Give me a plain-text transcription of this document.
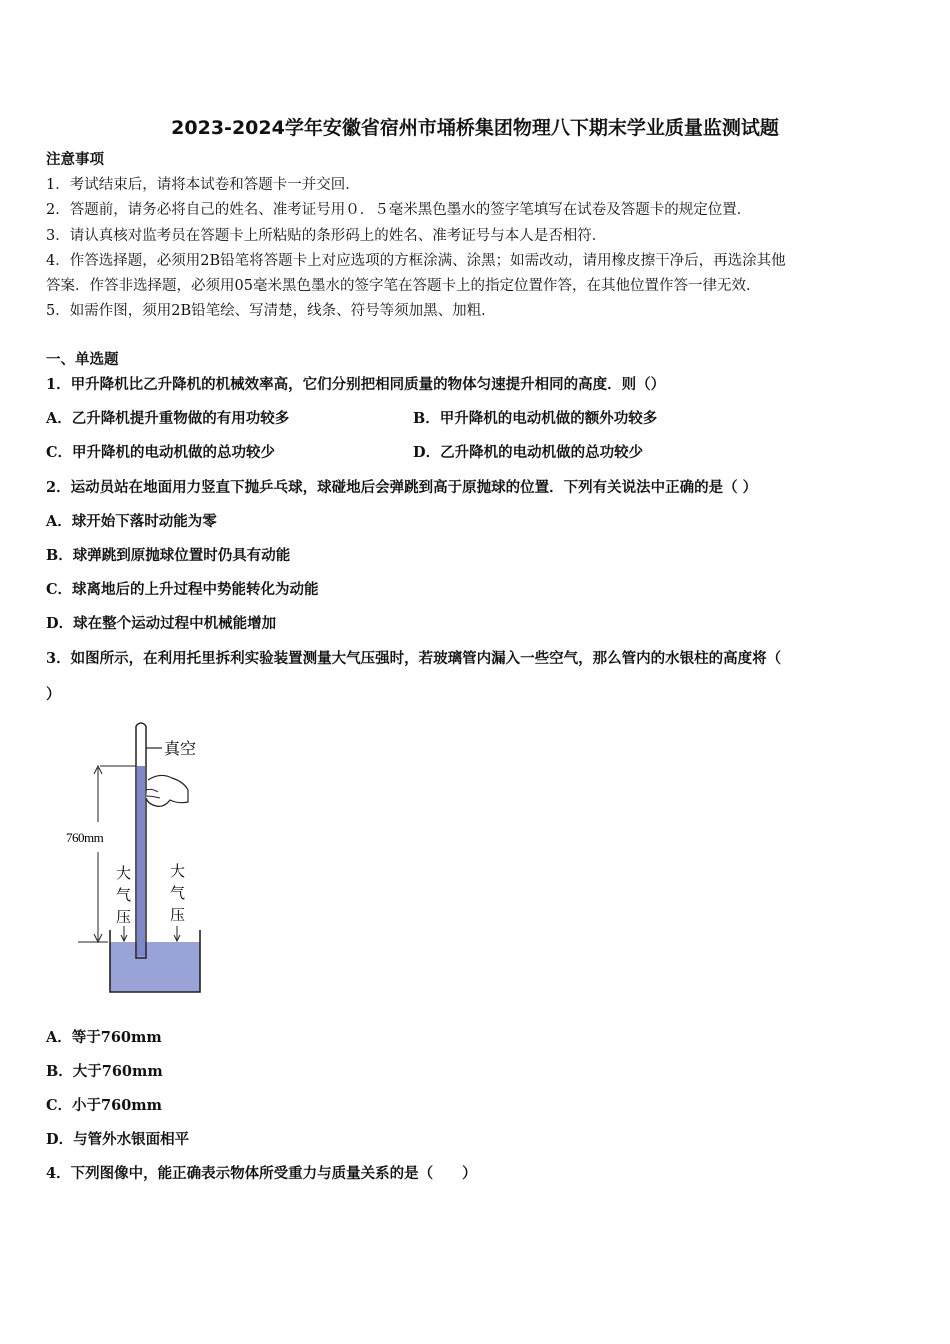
2023-2024学年安徽省宿州市埇桥集团物理八下期末学业质量监测试题
注意事项
1．考试结束后，请将本试卷和答题卡一并交回．
2．答题前，请务必将自己的姓名、准考证号用０．５毫米黑色墨水的签字笔填写在试卷及答题卡的规定位置．
3．请认真核对监考员在答题卡上所粘贴的条形码上的姓名、准考证号与本人是否相符．
4．作答选择题，必须用2B铅笔将答题卡上对应选项的方框涂满、涂黑；如需改动，请用橡皮擦干净后，再选涂其他
答案．作答非选择题，必须用05毫米黑色墨水的签字笔在答题卡上的指定位置作答，在其他位置作答一律无效．
5．如需作图，须用2B铅笔绘、写清楚，线条、符号等须加黑、加粗．
一、单选题
1．甲升降机比乙升降机的机械效率高，它们分别把相同质量的物体匀速提升相同的高度．则（）
A．乙升降机提升重物做的有用功较多	B．甲升降机的电动机做的额外功较多
C．甲升降机的电动机做的总功较少	D．乙升降机的电动机做的总功较少
2．运动员站在地面用力竖直下抛乒乓球，球碰地后会弹跳到高于原抛球的位置．下列有关说法中正确的是（ ）
A．球开始下落时动能为零
B．球弹跳到原抛球位置时仍具有动能
C．球离地后的上升过程中势能转化为动能
D．球在整个运动过程中机械能增加
3．如图所示，在利用托里拆利实验装置测量大气压强时，若玻璃管内漏入一些空气，那么管内的水银柱的高度将（
）
真空
760mm
大
气
压
大
气
压
A．等于760mm
B．大于760mm
C．小于760mm
D．与管外水银面相平
4．下列图像中，能正确表示物体所受重力与质量关系的是（　　）
